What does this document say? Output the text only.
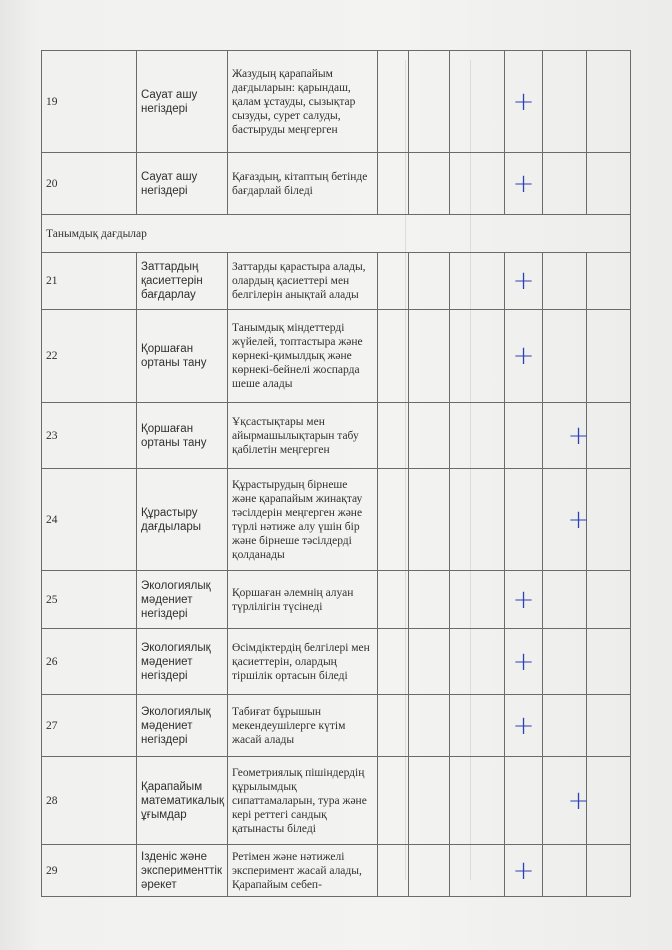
19	Сауат ашу негіздері	Жазудың қарапайым дағдыларын: қарындаш, қалам ұстауды, сызықтар сызуды, сурет салуды, бастыруды меңгерген				+		
20	Сауат ашу негіздері	Қағаздың, кітаптың бетінде бағдарлай біледі				+		
Танымдық дағдылар								
21	Заттардың қасиеттерін бағдарлау	Заттарды қарастыра алады, олардың қасиеттері мен белгілерін анықтай алады				+		
22	Қоршаған ортаны тану	Танымдық міндеттерді жүйелей, топтастыра және көрнекі-қимылдық және көрнекі-бейнелі жоспарда шеше алады				+		
23	Қоршаған ортаны тану	Ұқсастықтары мен айырмашылықтарын табу қабілетін меңгерген					+	
24	Құрастыру дағдылары	Құрастырудың бірнеше және қарапайым жинақтау тәсілдерін меңгерген және түрлі нәтиже алу үшін бір және бірнеше тәсілдерді қолданады					+	
25	Экологиялық мәдениет негіздері	Қоршаған әлемнің алуан түрлілігін түсінеді				+		
26	Экологиялық мәдениет негіздері	Өсімдіктердің белгілері мен қасиеттерін, олардың тіршілік ортасын біледі				+		
27	Экологиялық мәдениет негіздері	Табиғат бұрышын мекендеушілерге күтім жасай алады				+		
28	Қарапайым математикалық ұғымдар	Геометриялық пішіндердің құрылымдық сипаттамаларын, тура және кері реттегі сандық қатынасты біледі					+	
29	Ізденіс және эксперименттік әрекет	Ретімен және нәтижелі эксперимент жасай алады, Қарапайым себеп-				+		
